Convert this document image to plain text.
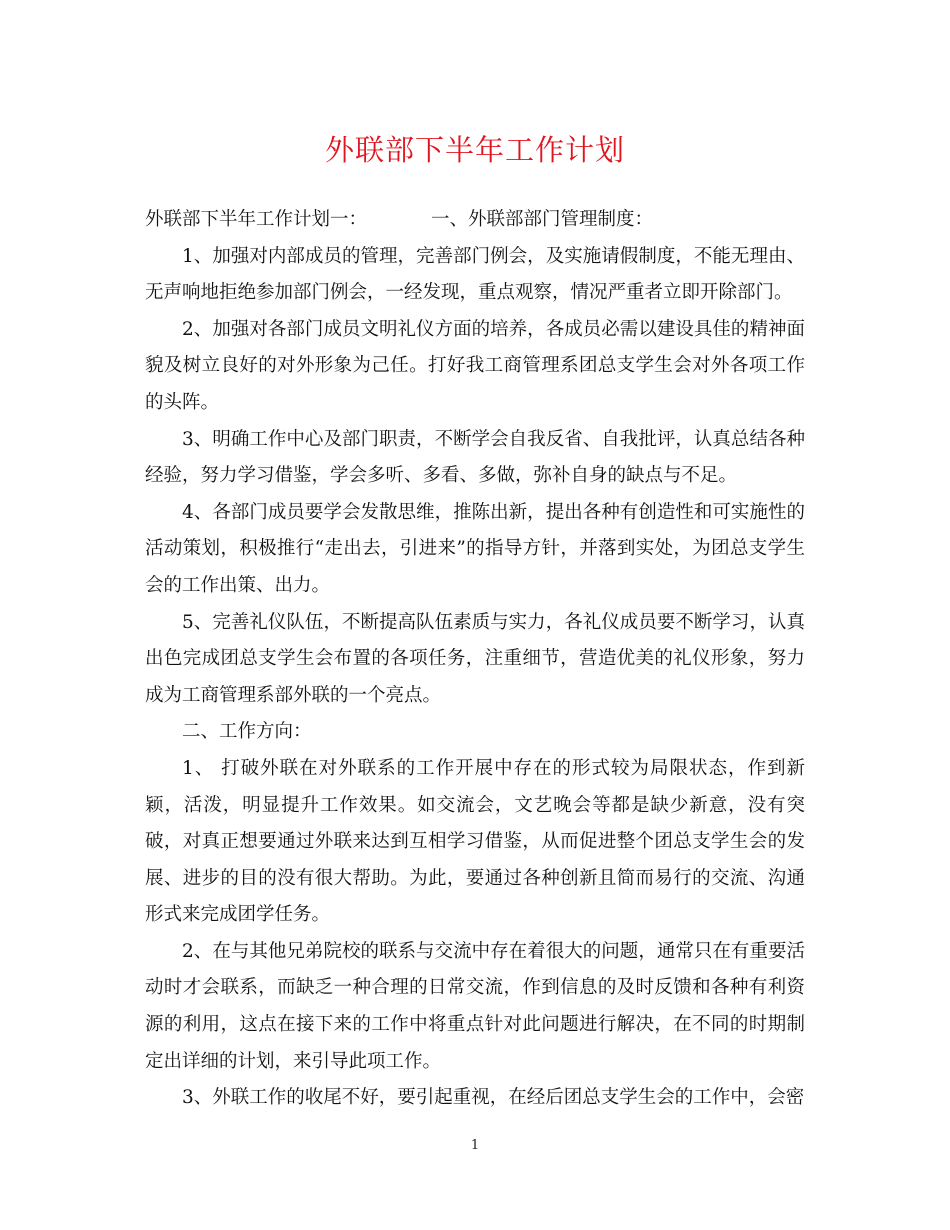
外联部下半年工作计划

外联部下半年工作计划一：	一、外联部部门管理制度：

1、加强对内部成员的管理，完善部门例会，及实施请假制度，不能无理由、无声响地拒绝参加部门例会，一经发现，重点观察，情况严重者立即开除部门。

2、加强对各部门成员文明礼仪方面的培养，各成员必需以建设具佳的精神面貌及树立良好的对外形象为己任。打好我工商管理系团总支学生会对外各项工作的头阵。

3、明确工作中心及部门职责，不断学会自我反省、自我批评，认真总结各种经验，努力学习借鉴，学会多听、多看、多做，弥补自身的缺点与不足。

4、各部门成员要学会发散思维，推陈出新，提出各种有创造性和可实施性的活动策划，积极推行“走出去，引进来”的指导方针，并落到实处，为团总支学生会的工作出策、出力。

5、完善礼仪队伍，不断提高队伍素质与实力，各礼仪成员要不断学习，认真出色完成团总支学生会布置的各项任务，注重细节，营造优美的礼仪形象，努力成为工商管理系部外联的一个亮点。

二、工作方向：

1、 打破外联在对外联系的工作开展中存在的形式较为局限状态，作到新颖，活泼，明显提升工作效果。如交流会，文艺晚会等都是缺少新意，没有突破，对真正想要通过外联来达到互相学习借鉴，从而促进整个团总支学生会的发展、进步的目的没有很大帮助。为此，要通过各种创新且简而易行的交流、沟通形式来完成团学任务。

2、在与其他兄弟院校的联系与交流中存在着很大的问题，通常只在有重要活动时才会联系，而缺乏一种合理的日常交流，作到信息的及时反馈和各种有利资源的利用，这点在接下来的工作中将重点针对此问题进行解决，在不同的时期制定出详细的计划，来引导此项工作。

3、外联工作的收尾不好，要引起重视，在经后团总支学生会的工作中，会密

1
